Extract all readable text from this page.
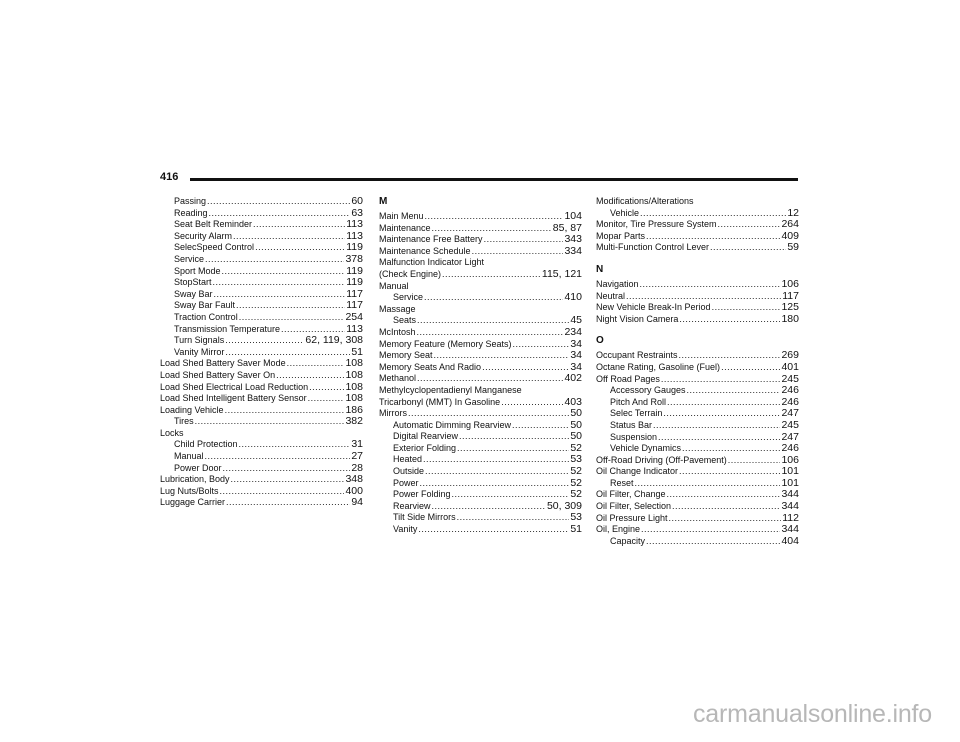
416
Passing .....	60
Reading .....	63
Seat Belt Reminder .....	113
Security Alarm .....	113
SelecSpeed Control .....	119
Service .....	378
Sport Mode .....	119
StopStart .....	119
Sway Bar .....	117
Sway Bar Fault .....	117
Traction Control .....	254
Transmission Temperature .....	113
Turn Signals .....	62, 119, 308
Vanity Mirror .....	51
Load Shed Battery Saver Mode .....	108
Load Shed Battery Saver On .....	108
Load Shed Electrical Load Reduction .....	108
Load Shed Intelligent Battery Sensor .....	108
Loading Vehicle .....	186
Tires .....	382
Locks
Child Protection .....	31
Manual .....	27
Power Door .....	28
Lubrication, Body .....	348
Lug Nuts/Bolts .....	400
Luggage Carrier .....	94
M
Main Menu .....	104
Maintenance .....	85, 87
Maintenance Free Battery .....	343
Maintenance Schedule .....	334
Malfunction Indicator Light
(Check Engine) .....	115, 121
Manual
Service .....	410
Massage
Seats .....	45
McIntosh .....	234
Memory Feature (Memory Seats) .....	34
Memory Seat .....	34
Memory Seats And Radio .....	34
Methanol .....	402
Methylcyclopentadienyl Manganese
Tricarbonyl (MMT) In Gasoline .....	403
Mirrors .....	50
Automatic Dimming Rearview .....	50
Digital Rearview .....	50
Exterior Folding .....	52
Heated .....	53
Outside .....	52
Power .....	52
Power Folding .....	52
Rearview .....	50, 309
Tilt Side Mirrors .....	53
Vanity .....	51
Modifications/Alterations
Vehicle .....	12
Monitor, Tire Pressure System .....	264
Mopar Parts .....	409
Multi-Function Control Lever .....	59
N
Navigation .....	106
Neutral .....	117
New Vehicle Break-In Period .....	125
Night Vision Camera .....	180
O
Occupant Restraints .....	269
Octane Rating, Gasoline (Fuel) .....	401
Off Road Pages .....	245
Accessory Gauges .....	246
Pitch And Roll .....	246
Selec Terrain .....	247
Status Bar .....	245
Suspension .....	247
Vehicle Dynamics .....	246
Off-Road Driving (Off-Pavement) .....	106
Oil Change Indicator .....	101
Reset .....	101
Oil Filter, Change .....	344
Oil Filter, Selection .....	344
Oil Pressure Light .....	112
Oil, Engine .....	344
Capacity .....	404
carmanualsonline.info
